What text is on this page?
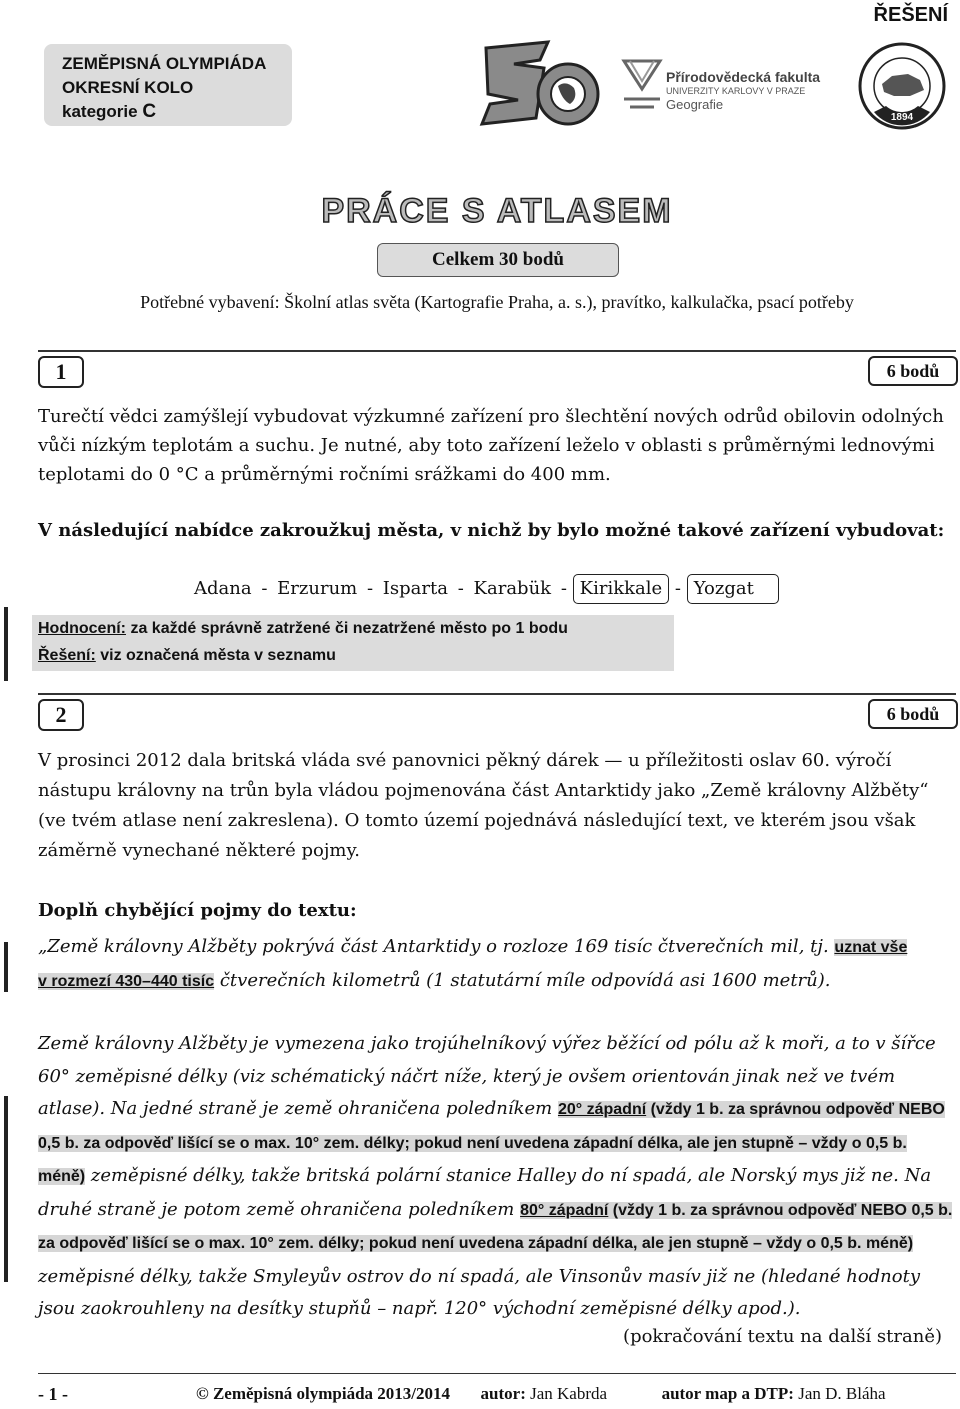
ŘEŠENÍ
ZEMĚPISNÁ OLYMPIÁDA
OKRESNÍ KOLO
kategorie C
ZO
Přírodovědecká fakulta
UNIVERZITY KARLOVY V PRAZE
Geografie
1894
PRÁCE S ATLASEM
Celkem 30 bodů
Potřebné vybavení: Školní atlas světa (Kartografie Praha, a. s.), pravítko, kalkulačka, psací potřeby
1	6 bodů
Turečtí vědci zamýšlejí vybudovat výzkumné zařízení pro šlechtění nových odrůd obilovin odolných vůči nízkým teplotám a suchu. Je nutné, aby toto zařízení leželo v oblasti s průměrnými lednovými teplotami do 0 °C a průměrnými ročními srážkami do 400 mm.
V následující nabídce zakroužkuj města, v nichž by bylo možné takové zařízení vybudovat:
Adana - Erzurum - Isparta - Karabük - Kirikkale - Yozgat
Hodnocení: za každé správně zatržené či nezatržené město po 1 bodu
Řešení: viz označená města v seznamu
2	6 bodů
V prosinci 2012 dala britská vláda své panovnici pěkný dárek — u příležitosti oslav 60. výročí nástupu královny na trůn byla vládou pojmenována část Antarktidy jako „Země královny Alžběty“ (ve tvém atlase není zakreslena). O tomto území pojednává následující text, ve kterém jsou však záměrně vynechané některé pojmy.
Doplň chybějící pojmy do textu:
„Země královny Alžběty pokrývá část Antarktidy o rozloze 169 tisíc čtverečních mil, tj. uznat vše
v rozmezí 430–440 tisíc čtverečních kilometrů (1 statutární míle odpovídá asi 1600 metrů).
Země královny Alžběty je vymezena jako trojúhelníkový výřez běžící od pólu až k moři, a to v šířce 60° zeměpisné délky (viz schématický náčrt níže, který je ovšem orientován jinak než ve tvém atlase). Na jedné straně je země ohraničena poledníkem 20° západní (vždy 1 b. za správnou odpověď NEBO 0,5 b. za odpověď lišící se o max. 10° zem. délky; pokud není uvedena západní délka, ale jen stupně – vždy o 0,5 b. méně) zeměpisné délky, takže britská polární stanice Halley do ní spadá, ale Norský mys již ne. Na druhé straně je potom země ohraničena poledníkem 80° západní (vždy 1 b. za správnou odpověď NEBO 0,5 b. za odpověď lišící se o max. 10° zem. délky; pokud není uvedena západní délka, ale jen stupně – vždy o 0,5 b. méně) zeměpisné délky, takže Smyleyův ostrov do ní spadá, ale Vinsonův masív již ne (hledané hodnoty jsou zaokrouhleny na desítky stupňů – např. 120° východní zeměpisné délky apod.).
(pokračování textu na další straně)
- 1 -	© Zeměpisná olympiáda 2013/2014 autor: Jan Kabrda	autor map a DTP: Jan D. Bláha
